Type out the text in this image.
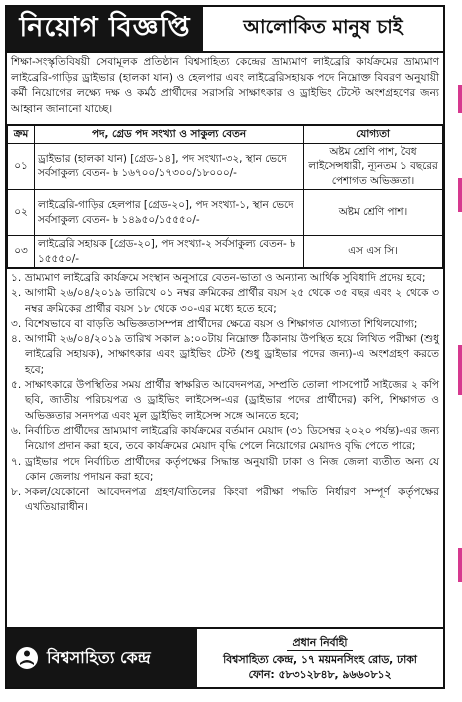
নিয়োগ বিজ্ঞপ্তি	আলোকিত মানুষ চাই
শিক্ষা-সংস্কৃতিবিষয়ী সেবামূলক প্রতিষ্ঠান বিশ্বসাহিত্য কেন্দ্রের ভ্রাম্যমাণ লাইব্রেরি কার্যক্রমের ভ্রাম্যমাণ লাইব্রেরি-গাড়ির ড্রাইভার (হালকা যান) ও হেলপার এবং লাইব্রেরিসহায়ক পদে নিম্নোক্ত বিবরণ অনুযায়ী কর্মী নিয়োগের লক্ষ্যে দক্ষ ও কর্মঠ প্রার্থীদের সরাসরি সাক্ষাৎকার ও ড্রাইভিং টেস্টে অংশগ্রহণের জন্য আহ্বান জানানো যাচ্ছে।
ক্রম	পদ, গ্রেড পদ সংখ্যা ও সাকুল্য বেতন	যোগ্যতা
০১	ড্রাইভার (হালকা যান) [গ্রেড-১৪], পদ সংখ্যা-৩২, স্থান ভেদে সর্বসাকুল্য বেতন- ৳ ১৬৭০০/১৭৩০০/১৮০০০/-	অষ্টম শ্রেণি পাশ, বৈধ লাইসেন্সধারী, ন্যূনতম ১ বছরের পেশাগত অভিজ্ঞতা।
০২	লাইব্রেরি-গাড়ির হেলপার [গ্রেড-২০], পদ সংখ্যা-১, স্থান ভেদে সর্বসাকুল্য বেতন- ৳ ১৪৯৫০/১৫৫৫০/-	অষ্টম শ্রেণি পাশ।
০৩	লাইব্রেরি সহায়ক [গ্রেড-২০], পদ সংখ্যা-২ সর্বসাকুল্য বেতন- ৳ ১৫৫৫০/-	এস এস সি।

১. ভ্রাম্যমাণ লাইব্রেরি কার্যক্রমে সংস্থান অনুসারে বেতন-ভাতা ও অন্যান্য আর্থিক সুবিধাদি প্রদেয় হবে;

২. আগামী ২৬/০৪/২০১৯ তারিখে ০১ নম্বর ক্রমিকের প্রার্থীর বয়স ২৫ থেকে ৩৫ বছর এবং ২ থেকে ৩ নম্বর ক্রমিকের প্রার্থীর বয়স ১৮ থেকে ৩০-এর মধ্যে হতে হবে;

৩. বিশেষভাবে বা বাড়তি অভিজ্ঞতাসম্পন্ন প্রার্থীদের ক্ষেত্রে বয়স ও শিক্ষাগত যোগ্যতা শিথিলযোগ্য;

৪. আগামী ২৬/০৪/২০১৯ তারিখ সকাল ৯:০০টায় নিম্নোক্ত ঠিকানায় উপস্থিত হয়ে লিখিত পরীক্ষা (শুধু লাইব্রেরি সহায়ক), সাক্ষাৎকার এবং ড্রাইভিং টেস্ট (শুধু ড্রাইভার পদের জন্য)-এ অংশগ্রহণ করতে হবে;

৫. সাক্ষাৎকারে উপস্থিতির সময় প্রার্থীর স্বাক্ষরিত আবেদনপত্র, সম্প্রতি তোলা পাসপোর্ট সাইজের ২ কপি ছবি, জাতীয় পরিচয়পত্র ও ড্রাইভিং লাইসেন্স-এর (ড্রাইভার পদের প্রার্থীদের) কপি, শিক্ষাগত ও অভিজ্ঞতার সনদপত্র এবং মূল ড্রাইভিং লাইসেন্স সঙ্গে আনতে হবে;

৬. নির্বাচিত প্রার্থীদের ভ্রাম্যমাণ লাইব্রেরি কার্যক্রমের বর্তমান মেয়াদ (৩১ ডিসেম্বর ২০২০ পর্যন্ত)-এর জন্য নিয়োগ প্রদান করা হবে, তবে কার্যক্রমের মেয়াদ বৃদ্ধি পেলে নিয়োগের মেয়াদও বৃদ্ধি পেতে পারে;

৭. ড্রাইভার পদে নির্বাচিত প্রার্থীদের কর্তৃপক্ষের সিদ্ধান্ত অনুযায়ী ঢাকা ও নিজ জেলা ব্যতীত অন্য যে কোন জেলায় পদায়ন করা হবে;

৮. সকল/যেকোনো আবেদনপত্র গ্রহণ/বাতিলের কিংবা পরীক্ষা পদ্ধতি নির্ধারণ সম্পূর্ণ কর্তৃপক্ষের এখতিয়ারাধীন।

বিশ্বসাহিত্য কেন্দ্র
প্রধান নির্বাহী
বিশ্বসাহিত্য কেন্দ্র, ১৭ ময়মনসিংহ রোড, ঢাকা
ফোন: ৫৮৩১২৮৪৮, ৯৬৬০৮১২
